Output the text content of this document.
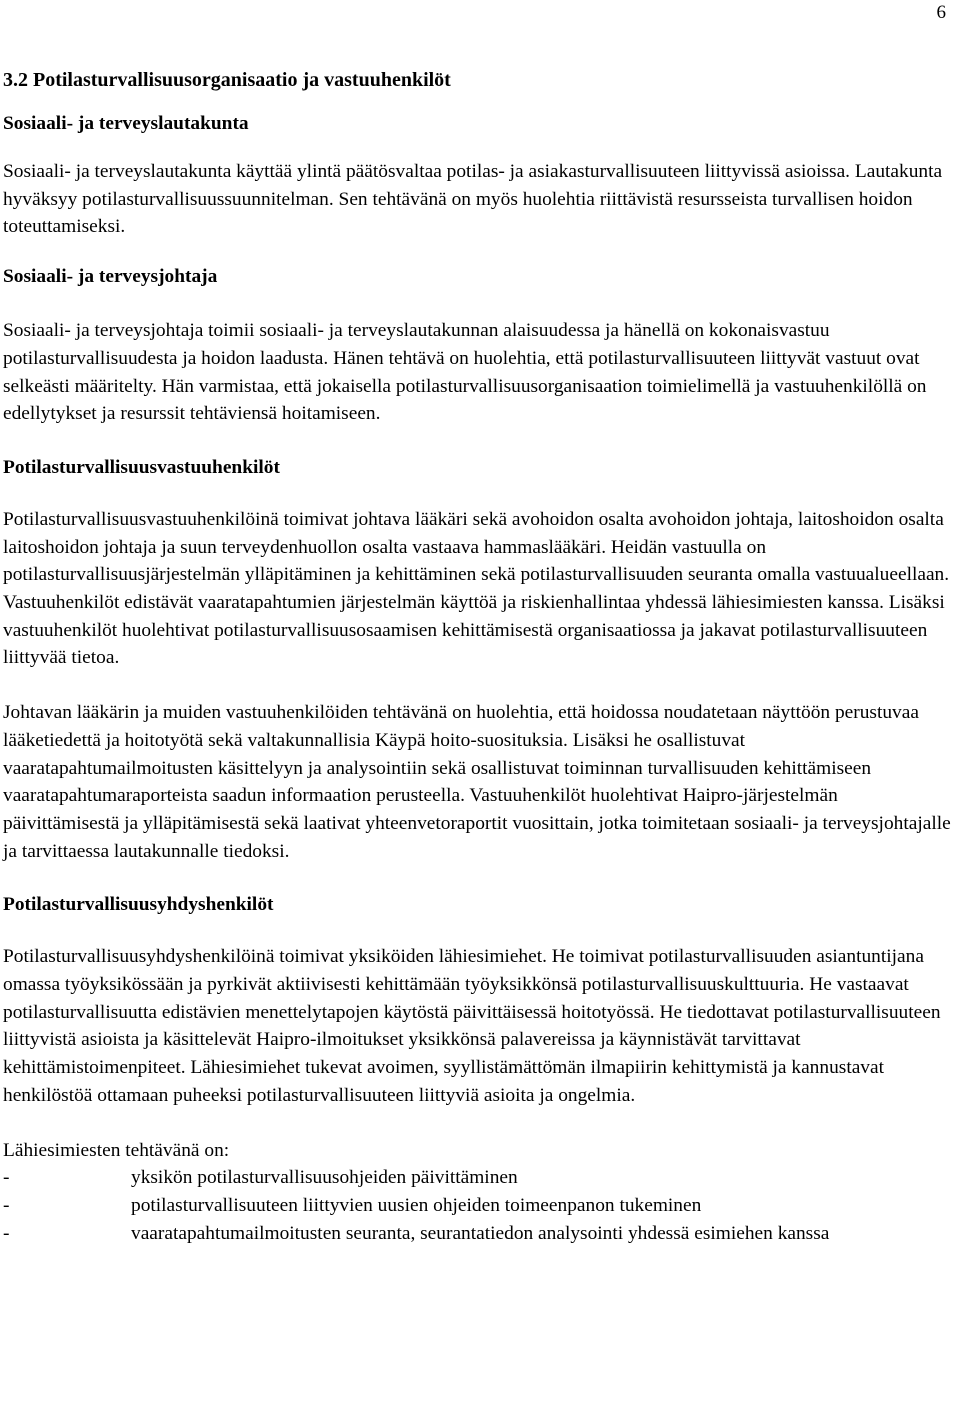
6
3.2 Potilasturvallisuusorganisaatio ja vastuuhenkilöt
Sosiaali- ja terveyslautakunta

Sosiaali- ja terveyslautakunta käyttää ylintä päätösvaltaa potilas- ja asiakasturvallisuuteen liittyvissä asioissa. Lautakunta hyväksyy potilasturvallisuussuunnitelman. Sen tehtävänä on myös huolehtia riittävistä resursseista turvallisen hoidon toteuttamiseksi.

Sosiaali- ja terveysjohtaja

Sosiaali- ja terveysjohtaja toimii sosiaali- ja terveyslautakunnan alaisuudessa ja hänellä on kokonaisvastuu potilasturvallisuudesta ja hoidon laadusta. Hänen tehtävä on huolehtia, että potilasturvallisuuteen liittyvät vastuut ovat selkeästi määritelty. Hän varmistaa, että jokaisella potilasturvallisuusorganisaation toimielimellä ja vastuuhenkilöllä on edellytykset ja resurssit tehtäviensä hoitamiseen.

Potilasturvallisuusvastuuhenkilöt

Potilasturvallisuusvastuuhenkilöinä toimivat johtava lääkäri sekä avohoidon osalta avohoidon johtaja, laitoshoidon osalta laitoshoidon johtaja ja suun terveydenhuollon osalta vastaava hammaslääkäri. Heidän vastuulla on potilasturvallisuusjärjestelmän ylläpitäminen ja kehittäminen sekä potilasturvallisuuden seuranta omalla vastuualueellaan. Vastuuhenkilöt edistävät vaaratapahtumien järjestelmän käyttöä ja riskienhallintaa yhdessä lähiesimiesten kanssa. Lisäksi vastuuhenkilöt huolehtivat potilasturvallisuusosaamisen kehittämisestä organisaatiossa ja jakavat potilasturvallisuuteen liittyvää tietoa.

Johtavan lääkärin ja muiden vastuuhenkilöiden tehtävänä on huolehtia, että hoidossa noudatetaan näyttöön perustuvaa lääketiedettä ja hoitotyötä sekä valtakunnallisia Käypä hoito-suosituksia. Lisäksi he osallistuvat vaaratapahtumailmoitusten käsittelyyn ja analysointiin sekä osallistuvat toiminnan turvallisuuden kehittämiseen vaaratapahtumaraporteista saadun informaation perusteella. Vastuuhenkilöt huolehtivat Haipro-järjestelmän päivittämisestä ja ylläpitämisestä sekä laativat yhteenvetoraportit vuosittain, jotka toimitetaan sosiaali- ja terveysjohtajalle ja tarvittaessa lautakunnalle tiedoksi.

Potilasturvallisuusyhdyshenkilöt

Potilasturvallisuusyhdyshenkilöinä toimivat yksiköiden lähiesimiehet. He toimivat potilasturvallisuuden asiantuntijana omassa työyksikössään ja pyrkivät aktiivisesti kehittämään työyksikkönsä potilasturvallisuuskulttuuria. He vastaavat potilasturvallisuutta edistävien menettelytapojen käytöstä päivittäisessä hoitotyössä. He tiedottavat potilasturvallisuuteen liittyvistä asioista ja käsittelevät Haipro-ilmoitukset yksikkönsä palavereissa ja käynnistävät tarvittavat kehittämistoimenpiteet. Lähiesimiehet tukevat avoimen, syyllistämättömän ilmapiirin kehittymistä ja kannustavat henkilöstöä ottamaan puheeksi potilasturvallisuuteen liittyviä asioita ja ongelmia.

Lähiesimiesten tehtävänä on:

-	yksikön potilasturvallisuusohjeiden päivittäminen
-	potilasturvallisuuteen liittyvien uusien ohjeiden toimeenpanon tukeminen
-	vaaratapahtumailmoitusten seuranta, seurantatiedon analysointi yhdessä esimiehen kanssa
